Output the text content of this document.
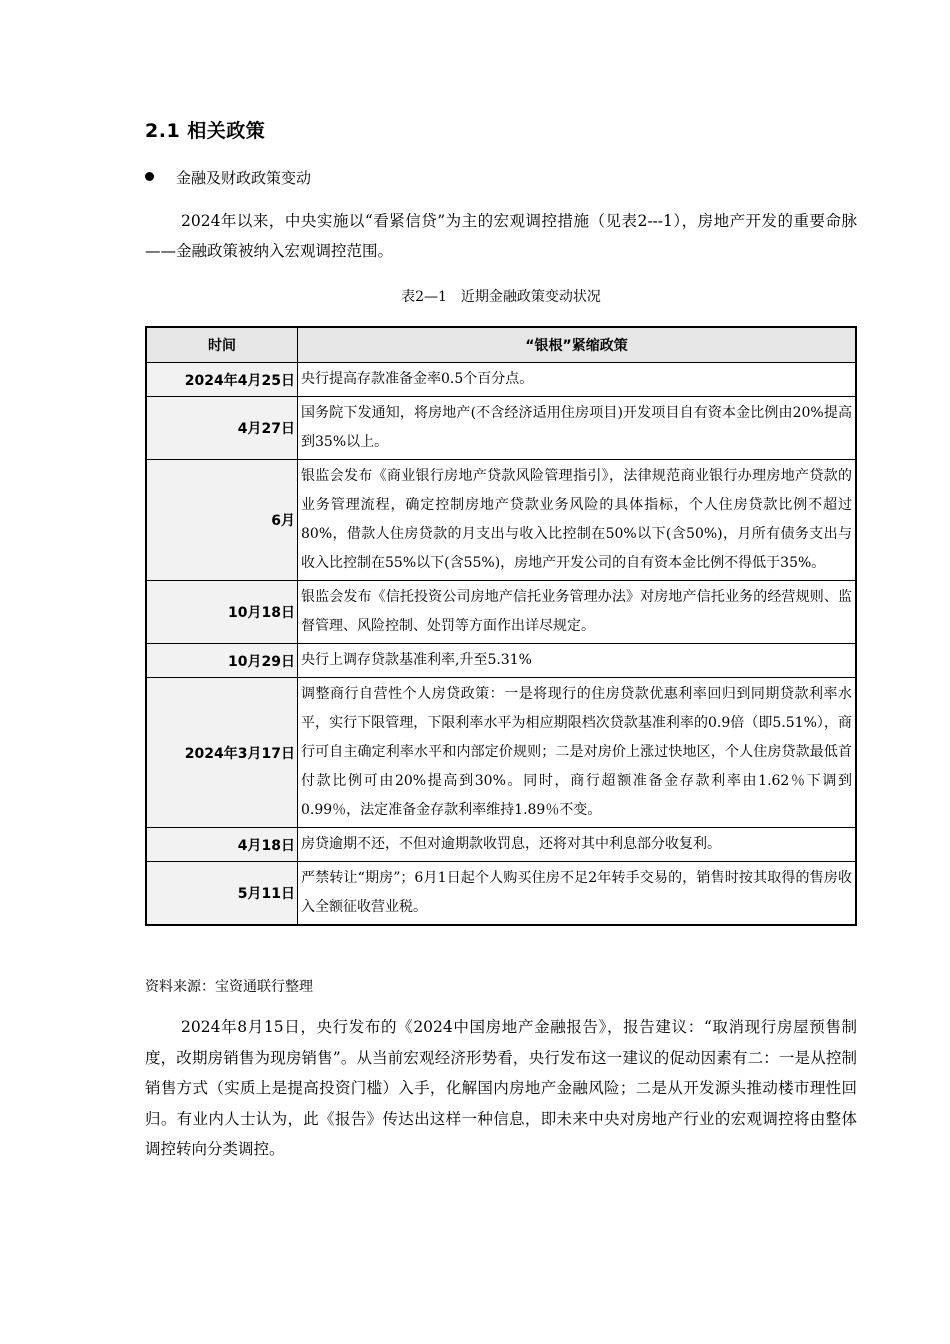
2.1 相关政策
金融及财政政策变动
2024年以来，中央实施以“看紧信贷”为主的宏观调控措施（见表2---1），房地产开发的重要命脉——金融政策被纳入宏观调控范围。
表2—1　近期金融政策变动状况
时间	“银根”紧缩政策
2024年4月25日	央行提高存款准备金率0.5个百分点。
4月27日	国务院下发通知，将房地产(不含经济适用住房项目)开发项目自有资本金比例由20%提高到35%以上。
6月	银监会发布《商业银行房地产贷款风险管理指引》，法律规范商业银行办理房地产贷款的业务管理流程，确定控制房地产贷款业务风险的具体指标，个人住房贷款比例不超过80%，借款人住房贷款的月支出与收入比控制在50%以下(含50%)，月所有债务支出与收入比控制在55%以下(含55%)，房地产开发公司的自有资本金比例不得低于35%。
10月18日	银监会发布《信托投资公司房地产信托业务管理办法》对房地产信托业务的经营规则、监督管理、风险控制、处罚等方面作出详尽规定。
10月29日	央行上调存贷款基准利率,升至5.31%
2024年3月17日	调整商行自营性个人房贷政策：一是将现行的住房贷款优惠利率回归到同期贷款利率水平，实行下限管理，下限利率水平为相应期限档次贷款基准利率的0.9倍（即5.51%），商行可自主确定利率水平和内部定价规则；二是对房价上涨过快地区，个人住房贷款最低首付款比例可由20%提高到30%。同时，商行超额准备金存款利率由1.62％下调到0.99％，法定准备金存款利率维持1.89％不变。
4月18日	房贷逾期不还，不但对逾期款收罚息，还将对其中利息部分收复利。
5月11日	严禁转让“期房”；6月1日起个人购买住房不足2年转手交易的，销售时按其取得的售房收入全额征收营业税。
资料来源：宝资通联行整理
2024年8月15日，央行发布的《2024中国房地产金融报告》，报告建议：“取消现行房屋预售制度，改期房销售为现房销售”。从当前宏观经济形势看，央行发布这一建议的促动因素有二：一是从控制销售方式（实质上是提高投资门槛）入手，化解国内房地产金融风险；二是从开发源头推动楼市理性回归。有业内人士认为，此《报告》传达出这样一种信息，即未来中央对房地产行业的宏观调控将由整体调控转向分类调控。
